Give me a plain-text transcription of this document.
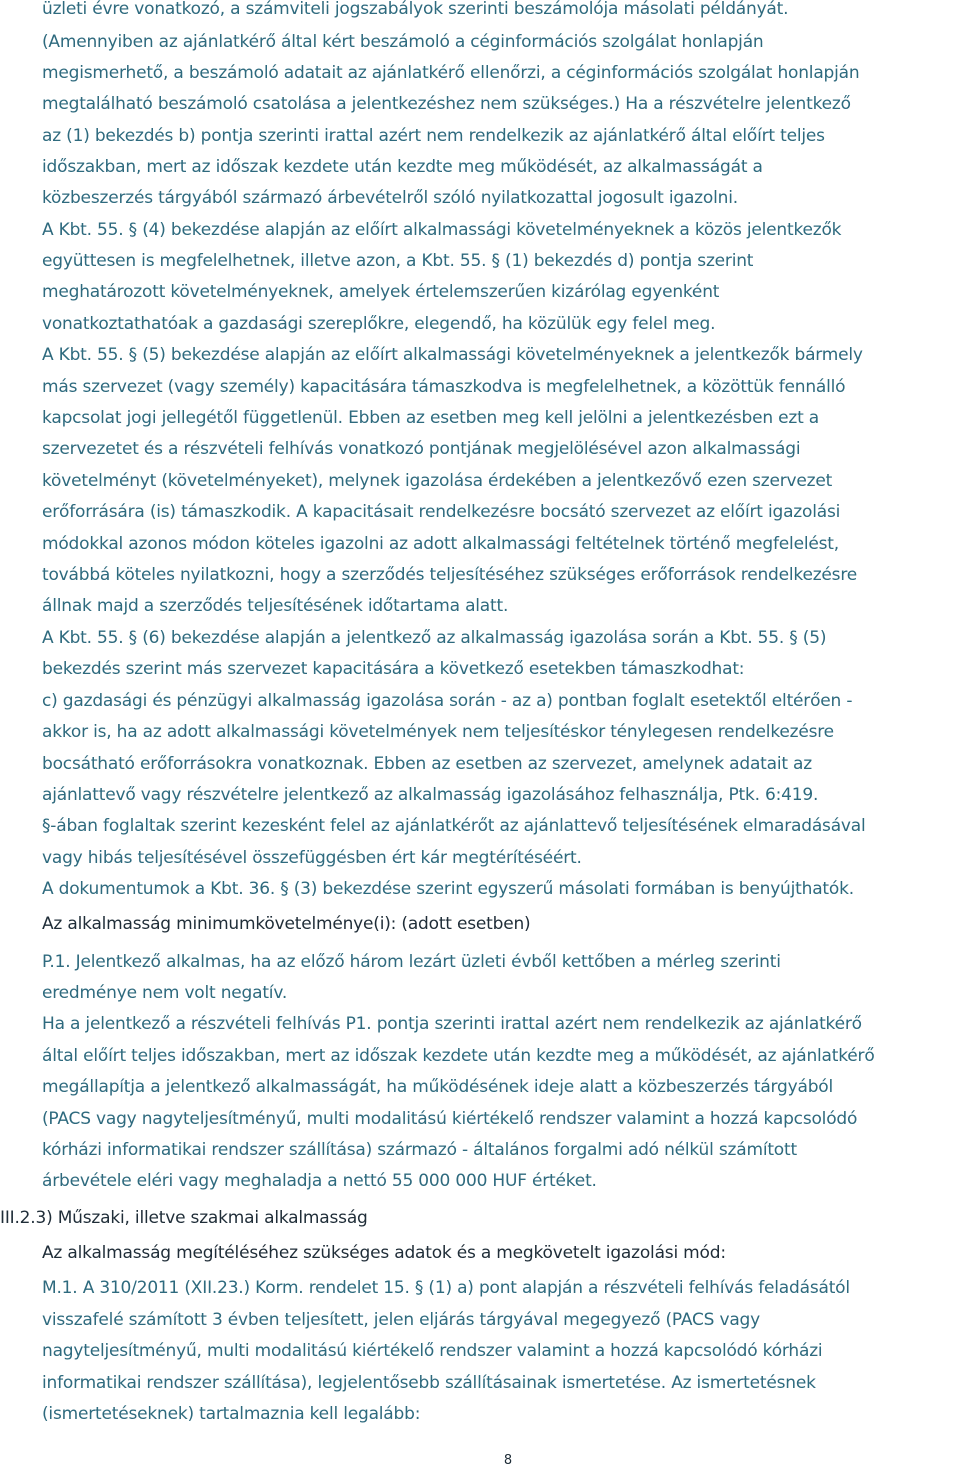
üzleti évre vonatkozó, a számviteli jogszabályok szerinti beszámolója másolati példányát.
(Amennyiben az ajánlatkérő által kért beszámoló a céginformációs szolgálat honlapján
megismerhető, a beszámoló adatait az ajánlatkérő ellenőrzi, a céginformációs szolgálat honlapján
megtalálható beszámoló csatolása a jelentkezéshez nem szükséges.) Ha a részvételre jelentkező
az (1) bekezdés b) pontja szerinti irattal azért nem rendelkezik az ajánlatkérő által előírt teljes
időszakban, mert az időszak kezdete után kezdte meg működését, az alkalmasságát a
közbeszerzés tárgyából származó árbevételről szóló nyilatkozattal jogosult igazolni.
A Kbt. 55. § (4) bekezdése alapján az előírt alkalmassági követelményeknek a közös jelentkezők
együttesen is megfelelhetnek, illetve azon, a Kbt. 55. § (1) bekezdés d) pontja szerint
meghatározott követelményeknek, amelyek értelemszerűen kizárólag egyenként
vonatkoztathatóak a gazdasági szereplőkre, elegendő, ha közülük egy felel meg.
A Kbt. 55. § (5) bekezdése alapján az előírt alkalmassági követelményeknek a jelentkezők bármely
más szervezet (vagy személy) kapacitására támaszkodva is megfelelhetnek, a közöttük fennálló
kapcsolat jogi jellegétől függetlenül. Ebben az esetben meg kell jelölni a jelentkezésben ezt a
szervezetet és a részvételi felhívás vonatkozó pontjának megjelölésével azon alkalmassági
követelményt (követelményeket), melynek igazolása érdekében a jelentkezővő ezen szervezet
erőforrására (is) támaszkodik. A kapacitásait rendelkezésre bocsátó szervezet az előírt igazolási
módokkal azonos módon köteles igazolni az adott alkalmassági feltételnek történő megfelelést,
továbbá köteles nyilatkozni, hogy a szerződés teljesítéséhez szükséges erőforrások rendelkezésre
állnak majd a szerződés teljesítésének időtartama alatt.
A Kbt. 55. § (6) bekezdése alapján a jelentkező az alkalmasság igazolása során a Kbt. 55. § (5)
bekezdés szerint más szervezet kapacitására a következő esetekben támaszkodhat:
c) gazdasági és pénzügyi alkalmasság igazolása során - az a) pontban foglalt esetektől eltérően -
akkor is, ha az adott alkalmassági követelmények nem teljesítéskor ténylegesen rendelkezésre
bocsátható erőforrásokra vonatkoznak. Ebben az esetben az szervezet, amelynek adatait az
ajánlattevő vagy részvételre jelentkező az alkalmasság igazolásához felhasználja, Ptk. 6:419.
§-ában foglaltak szerint kezesként felel az ajánlatkérőt az ajánlattevő teljesítésének elmaradásával
vagy hibás teljesítésével összefüggésben ért kár megtérítéséért.
A dokumentumok a Kbt. 36. § (3) bekezdése szerint egyszerű másolati formában is benyújthatók.
Az alkalmasság minimumkövetelménye(i): (adott esetben)
P.1. Jelentkező alkalmas, ha az előző három lezárt üzleti évből kettőben a mérleg szerinti
eredménye nem volt negatív.
Ha a jelentkező a részvételi felhívás P1. pontja szerinti irattal azért nem rendelkezik az ajánlatkérő
által előírt teljes időszakban, mert az időszak kezdete után kezdte meg a működését, az ajánlatkérő
megállapítja a jelentkező alkalmasságát, ha működésének ideje alatt a közbeszerzés tárgyából
(PACS vagy nagyteljesítményű, multi modalitású kiértékelő rendszer valamint a hozzá kapcsolódó
kórházi informatikai rendszer szállítása) származó - általános forgalmi adó nélkül számított
árbevétele eléri vagy meghaladja a nettó 55 000 000 HUF értéket.
III.2.3) Műszaki, illetve szakmai alkalmasság
Az alkalmasság megítéléséhez szükséges adatok és a megkövetelt igazolási mód:
M.1. A 310/2011 (XII.23.) Korm. rendelet 15. § (1) a) pont alapján a részvételi felhívás feladásától
visszafelé számított 3 évben teljesített, jelen eljárás tárgyával megegyező (PACS vagy
nagyteljesítményű, multi modalitású kiértékelő rendszer valamint a hozzá kapcsolódó kórházi
informatikai rendszer szállítása), legjelentősebb szállításainak ismertetése. Az ismertetésnek
(ismertetéseknek) tartalmaznia kell legalább:
8
